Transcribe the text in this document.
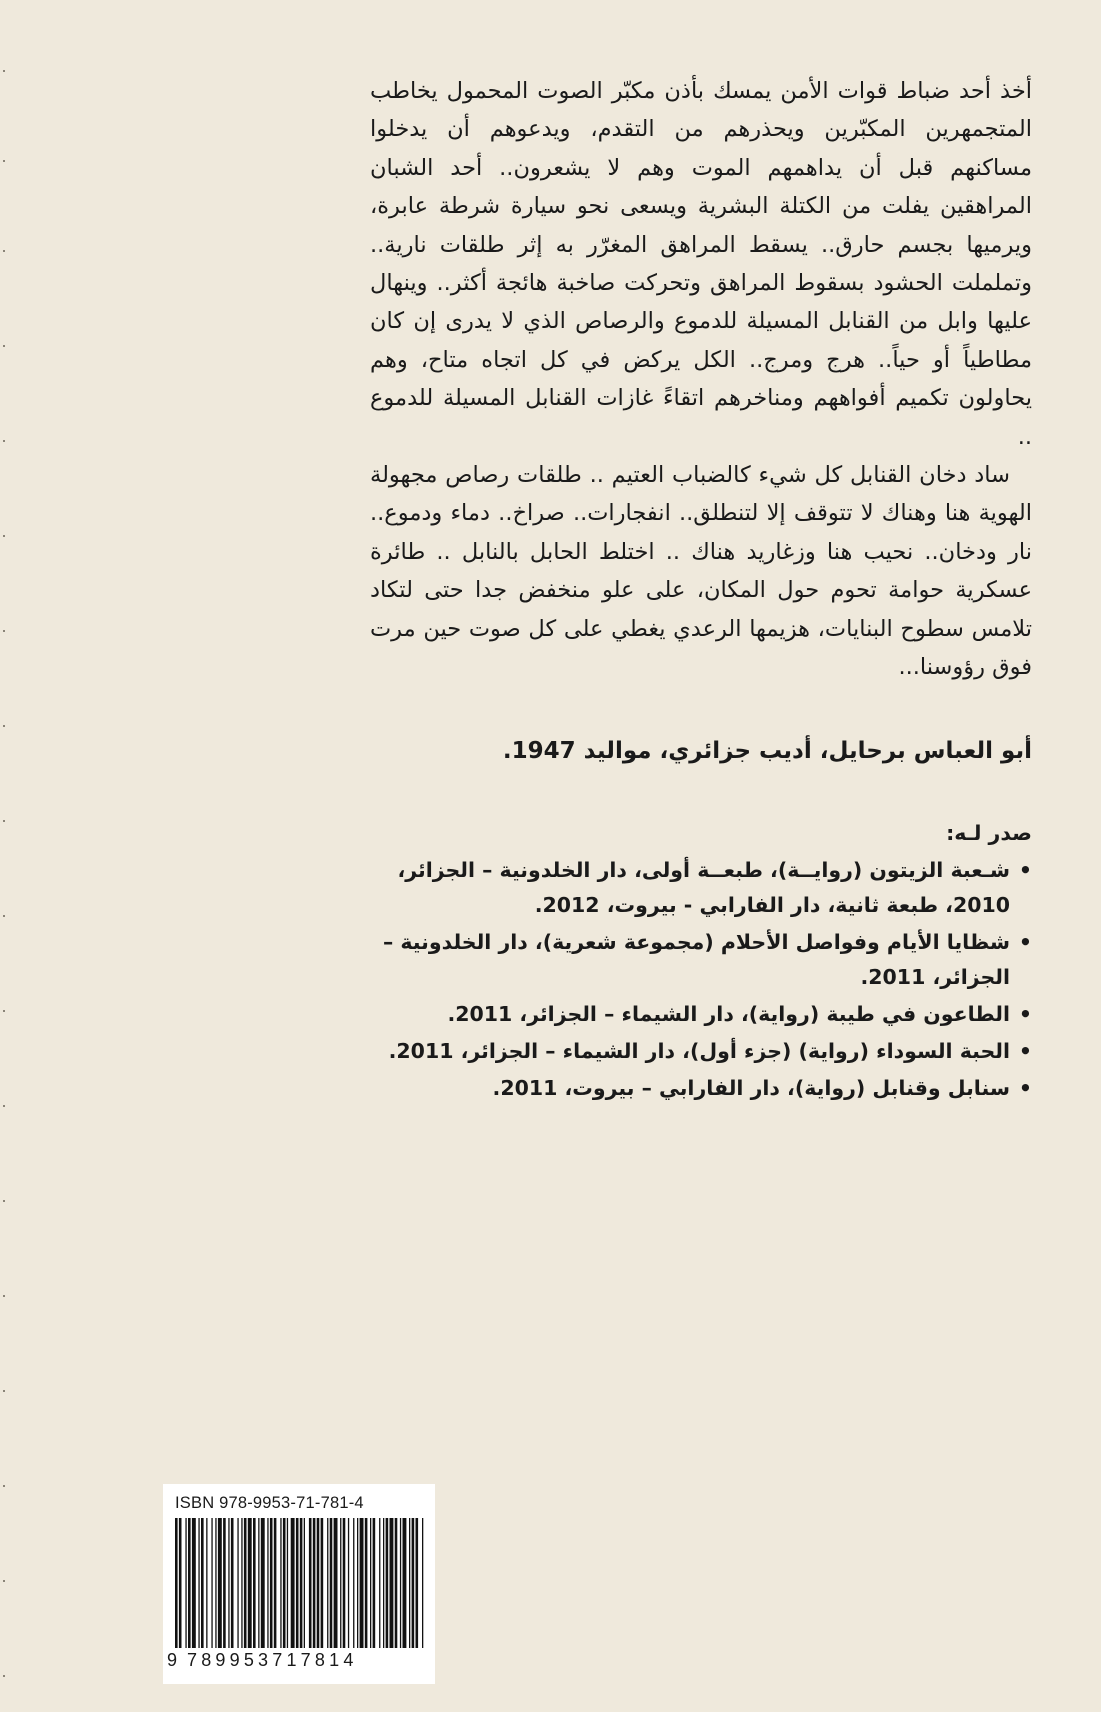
أخذ أحد ضباط قوات الأمن يمسك بأذن مكبّر الصوت المحمول يخاطب المتجمهرين المكبّرين ويحذرهم من التقدم، ويدعوهم أن يدخلوا مساكنهم قبل أن يداهمهم الموت وهم لا يشعرون.. أحد الشبان المراهقين يفلت من الكتلة البشرية ويسعى نحو سيارة شرطة عابرة، ويرميها بجسم حارق.. يسقط المراهق المغرّر به إثر طلقات نارية.. وتململت الحشود بسقوط المراهق وتحركت صاخبة هائجة أكثر.. وينهال عليها وابل من القنابل المسيلة للدموع والرصاص الذي لا يدرى إن كان مطاطياً أو حياً.. هرج ومرج.. الكل يركض في كل اتجاه متاح، وهم يحاولون تكميم أفواههم ومناخرهم اتقاءً غازات القنابل المسيلة للدموع ..

ساد دخان القنابل كل شيء كالضباب العتيم .. طلقات رصاص مجهولة الهوية هنا وهناك لا تتوقف إلا لتنطلق.. انفجارات.. صراخ.. دماء ودموع.. نار ودخان.. نحيب هنا وزغاريد هناك .. اختلط الحابل بالنابل .. طائرة عسكرية حوامة تحوم حول المكان، على علو منخفض جدا حتى لتكاد تلامس سطوح البنايات، هزيمها الرعدي يغطي على كل صوت حين مرت فوق رؤوسنا...

أبو العباس برحايل، أديب جزائري، مواليد 1947.

صدر لـه:

•
شـعبة الزيتون (روايــة)، طبعــة أولى، دار الخلدونية – الجزائر، 2010، طبعة ثانية، دار الفارابي - بيروت، 2012.
•
شظايا الأيام وفواصل الأحلام (مجموعة شعرية)، دار الخلدونية – الجزائر، 2011.
•
الطاعون في طيبة (رواية)، دار الشيماء – الجزائر، 2011.
•
الحبة السوداء (رواية) (جزء أول)، دار الشيماء – الجزائر، 2011.
•
سنابل وقنابل (رواية)، دار الفارابي – بيروت، 2011.
ISBN 978-9953-71-781-4
9 789953717814
